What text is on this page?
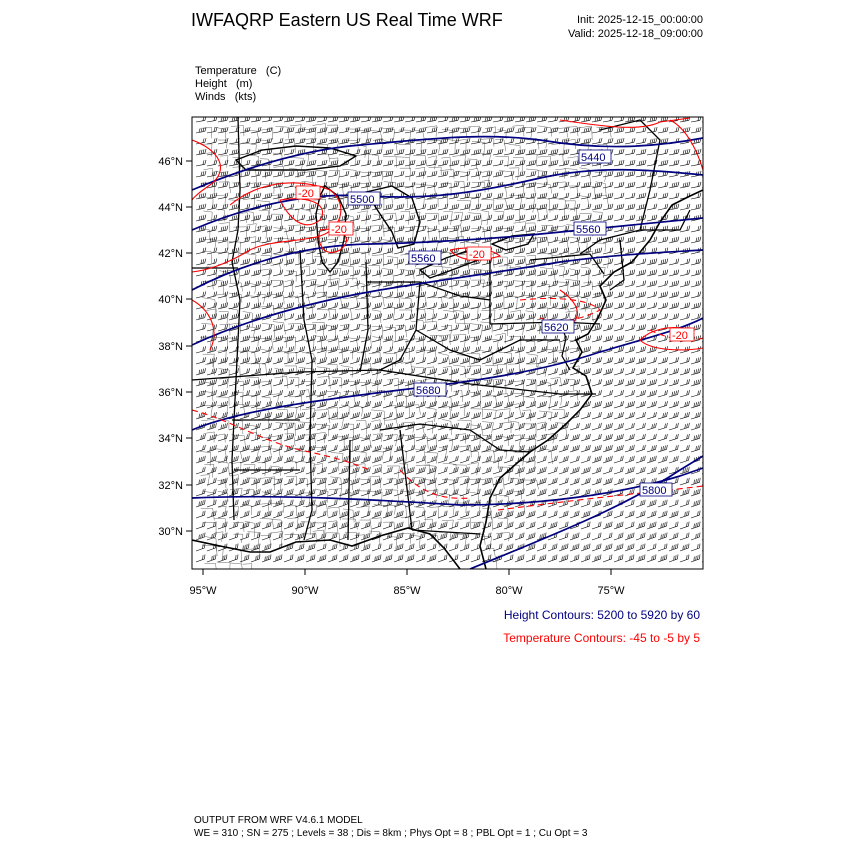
5440
5500
5560
5560
5620
5680
5800
-20
-20
-20
-20
46°N
44°N
42°N
40°N
38°N
36°N
34°N
32°N
30°N
95°W	90°W	85°W	80°W	75°W
IWFAQRP Eastern US Real Time WRF	Init: 2025-12-15_00:00:00
Valid: 2025-12-18_09:00:00
Temperature   (C)
Height   (m)
Winds   (kts)
Height Contours: 5200 to 5920 by 60
Temperature Contours: -45 to -5 by 5
OUTPUT FROM WRF V4.6.1 MODEL
WE = 310 ; SN = 275 ; Levels = 38 ; Dis = 8km ; Phys Opt = 8 ; PBL Opt = 1 ; Cu Opt = 3
